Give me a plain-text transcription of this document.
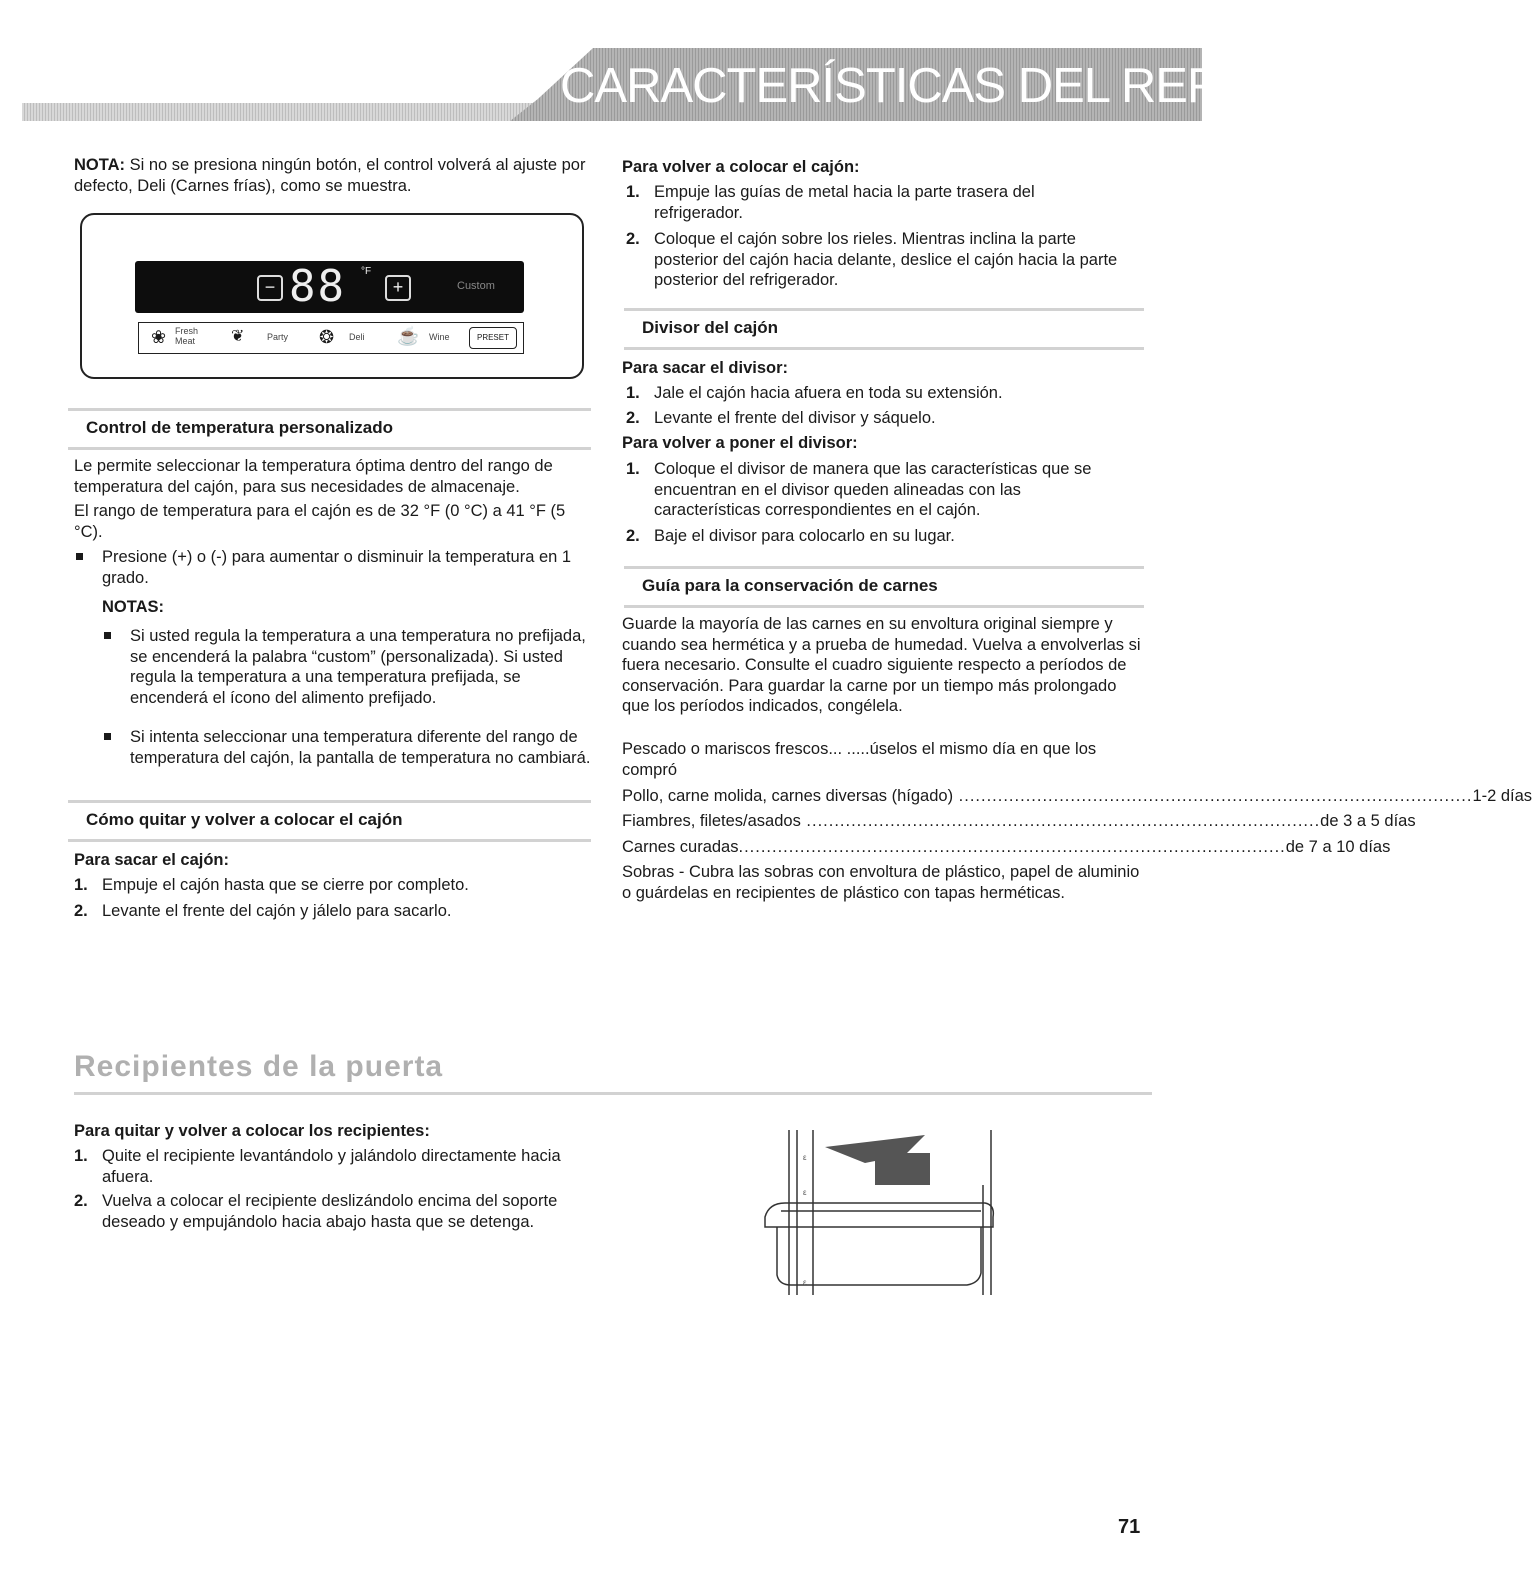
CARACTERÍSTICAS DEL REFRIGERADOR

NOTA: Si no se presiona ningún botón, el control volverá al ajuste por defecto, Deli (Carnes frías), como se muestra.

− 88 °F
+	Custom
❀ Fresh Meat	❦	Party ❂ Deli ☕ Wine	PRESET
Control de temperatura personalizado

Le permite seleccionar la temperatura óptima dentro del rango de temperatura del cajón, para sus necesidades de almacenaje.

El rango de temperatura para el cajón es de 32 °F (0 °C) a 41 °F (5 °C).

Presione (+) o (-) para aumentar o disminuir la temperatura en 1 grado.

NOTAS:

Si usted regula la temperatura a una temperatura no prefijada, se encenderá la palabra “custom” (personalizada). Si usted regula la temperatura a una temperatura prefijada, se encenderá el ícono del alimento prefijado.

Si intenta seleccionar una temperatura diferente del rango de temperatura del cajón, la pantalla de temperatura no cambiará.

Cómo quitar y volver a colocar el cajón

Para sacar el cajón:

1. Empuje el cajón hasta que se cierre por completo.
2. Levante el frente del cajón y jálelo para sacarlo.

Para volver a colocar el cajón:

1. Empuje las guías de metal hacia la parte trasera del refrigerador.
2. Coloque el cajón sobre los rieles. Mientras inclina la parte posterior del cajón hacia delante, deslice el cajón hacia la parte posterior del refrigerador.
Divisor del cajón

Para sacar el divisor:

1. Jale el cajón hacia afuera en toda su extensión.
2. Levante el frente del divisor y sáquelo.

Para volver a poner el divisor:

1. Coloque el divisor de manera que las características que se encuentran en el divisor queden alineadas con las características correspondientes en el cajón.
2. Baje el divisor para colocarlo en su lugar.
Guía para la conservación de carnes

Guarde la mayoría de las carnes en su envoltura original siempre y cuando sea hermética y a prueba de humedad. Vuelva a envolverlas si fuera necesario. Consulte el cuadro siguiente respecto a períodos de conservación. Para guardar la carne por un tiempo más prolongado que los períodos indicados, congélela.

Pescado o mariscos frescos... .....úselos el mismo día en que los compró

Pollo, carne molida, carnes diversas (hígado) ............................................................................................ 1-2 días
Fiambres, filetes/asados ............................................................................................ de 3 a 5 días
Carnes curadas .................................................................................................. de 7 a 10 días

Sobras - Cubra las sobras con envoltura de plástico, papel de aluminio o guárdelas en recipientes de plástico con tapas herméticas.

Recipientes de la puerta

Para quitar y volver a colocar los recipientes:

1. Quite el recipiente levantándolo y jalándolo directamente hacia afuera.
2. Vuelva a colocar el recipiente deslizándolo encima del soporte deseado y empujándolo hacia abajo hasta que se detenga.
ε
ε
ε
71
